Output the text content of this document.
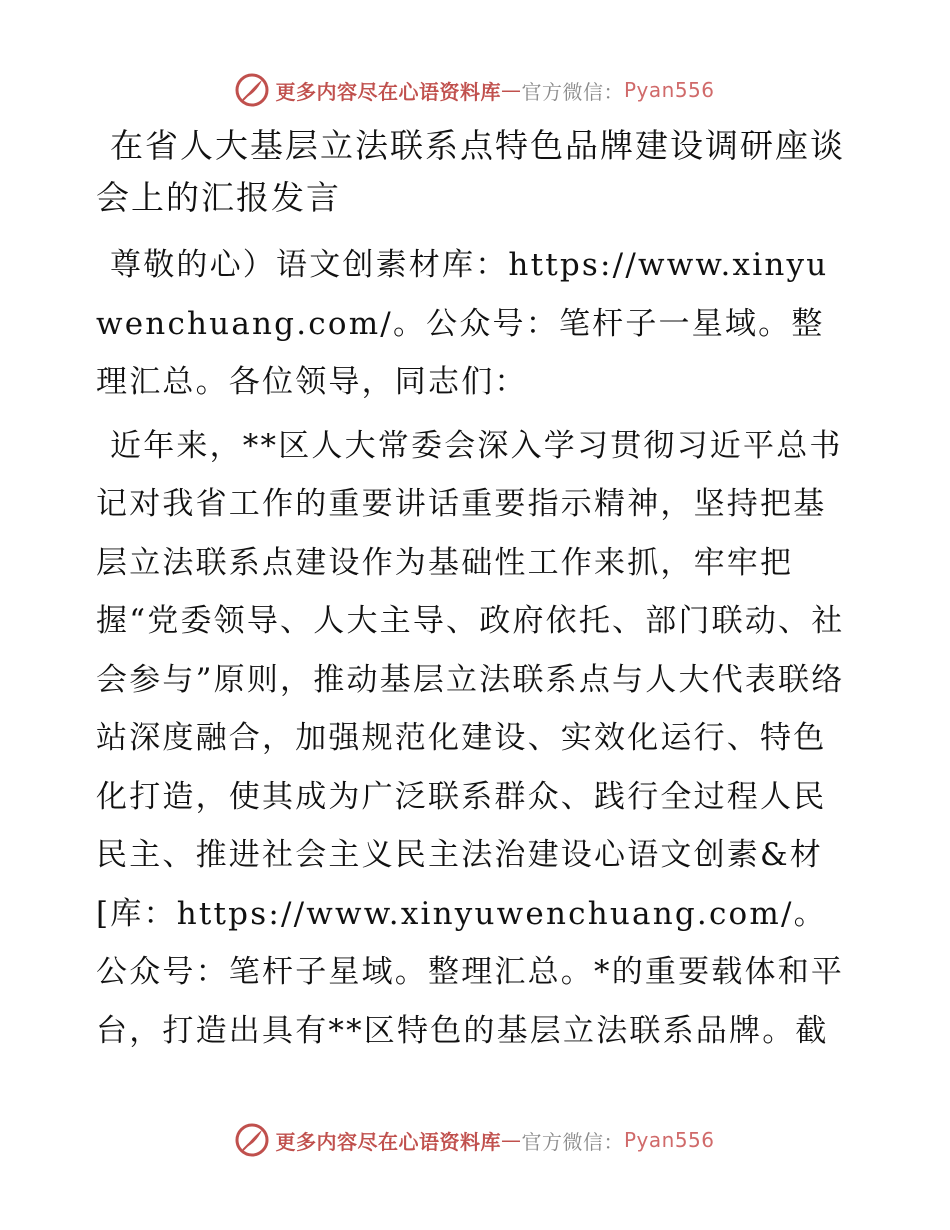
更多内容尽在心语资料库 — 官方微信： Pyan556
在省人大基层立法联系点特色品牌建设调研座谈会上的汇报发言

尊敬的心）语文创素材库：https://www.xinyuwenchuang.com/。公众号：笔杆子一星域。整理汇总。各位领导，同志们：

近年来，**区人大常委会深入学习贯彻习近平总书记对我省工作的重要讲话重要指示精神，坚持把基层立法联系点建设作为基础性工作来抓，牢牢把握“党委领导、人大主导、政府依托、部门联动、社会参与”原则，推动基层立法联系点与人大代表联络站深度融合，加强规范化建设、实效化运行、特色化打造，使其成为广泛联系群众、践行全过程人民民主、推进社会主义民主法治建设心语文创素&材[库：https://www.xinyuwenchuang.com/。公众号：笔杆子星域。整理汇总。*的重要载体和平台，打造出具有**区特色的基层立法联系品牌。截

更多内容尽在心语资料库 — 官方微信： Pyan556
